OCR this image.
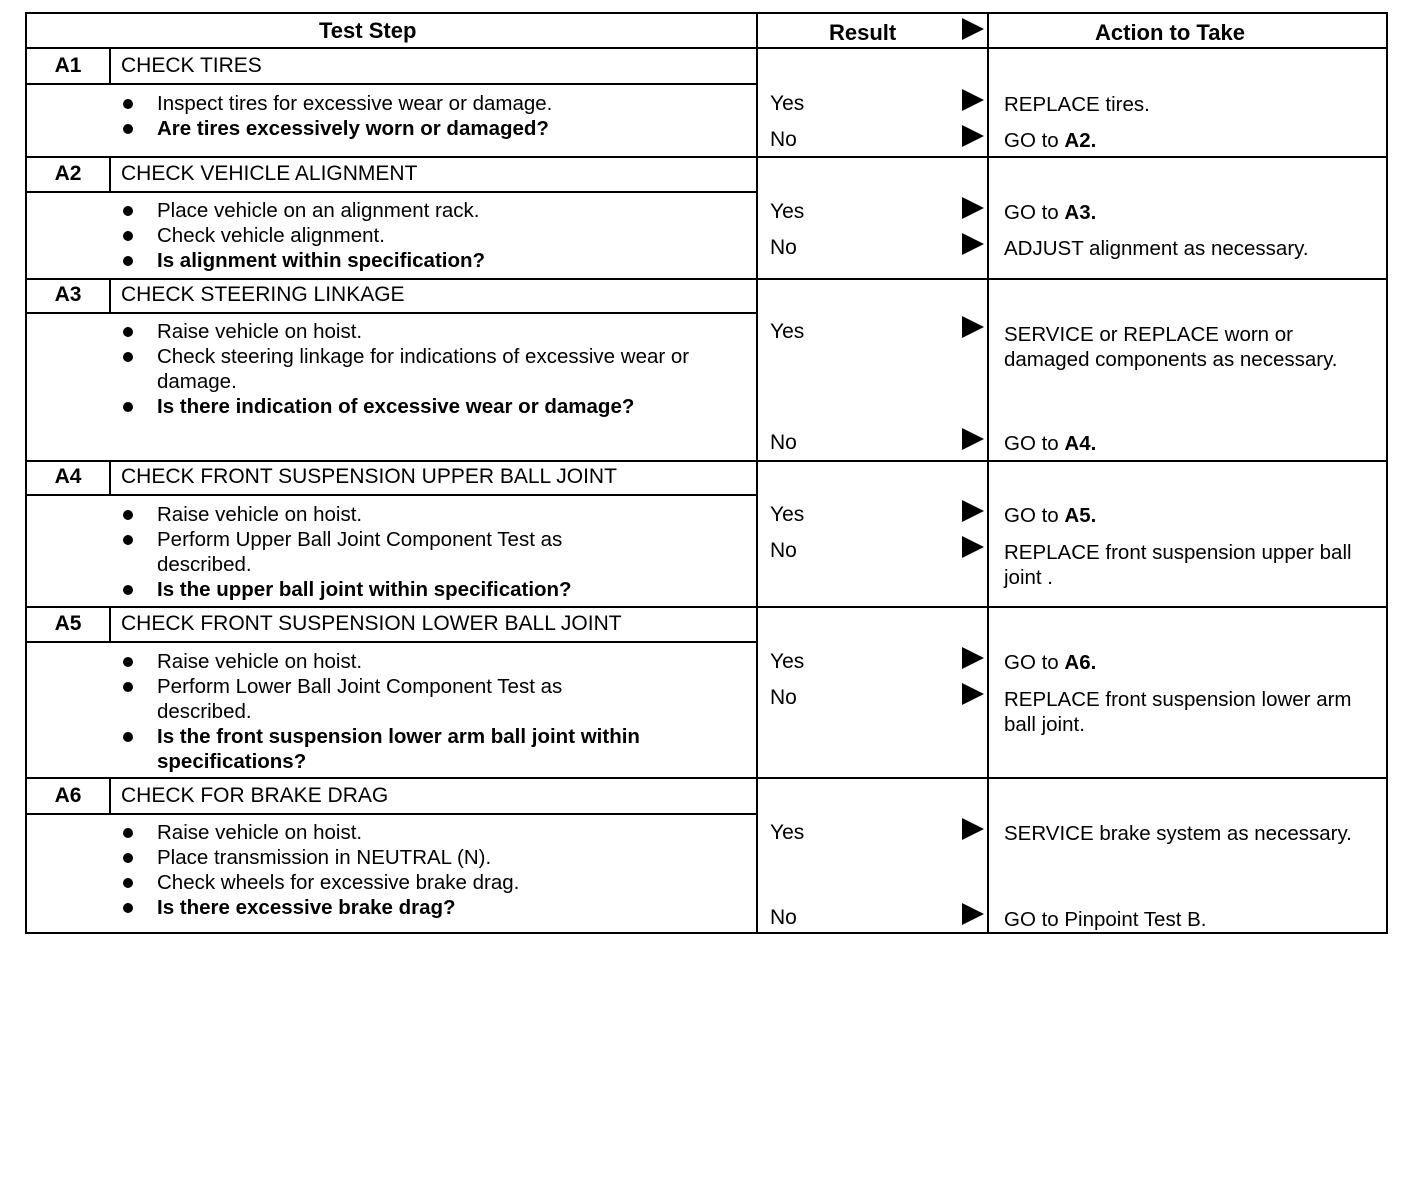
Test Step	Result	Action to Take
A1	CHECK TIRES
Inspect tires for excessive wear or damage.
Are tires excessively worn or damaged?
Yes	REPLACE tires.
No	GO to A2.
A2	CHECK VEHICLE ALIGNMENT
Place vehicle on an alignment rack.
Check vehicle alignment.
Is alignment within specification?
Yes	GO to A3.
No	ADJUST alignment as necessary.
A3	CHECK STEERING LINKAGE
Raise vehicle on hoist.
Check steering linkage for indications of excessive wear or damage.
Is there indication of excessive wear or damage?
Yes	SERVICE or REPLACE worn or damaged components as necessary.
No	GO to A4.
A4	CHECK FRONT SUSPENSION UPPER BALL JOINT
Raise vehicle on hoist.
Perform Upper Ball Joint Component Test as described.
Is the upper ball joint within specification?
Yes	GO to A5.
No	REPLACE front suspension upper ball joint .
A5	CHECK FRONT SUSPENSION LOWER BALL JOINT
Raise vehicle on hoist.
Perform Lower Ball Joint Component Test as described.
Is the front suspension lower arm ball joint within specifications?
Yes	GO to A6.
No	REPLACE front suspension lower arm ball joint.
A6	CHECK FOR BRAKE DRAG
Raise vehicle on hoist.
Place transmission in NEUTRAL (N).
Check wheels for excessive brake drag.
Is there excessive brake drag?
Yes	SERVICE brake system as necessary.
No	GO to Pinpoint Test B.
